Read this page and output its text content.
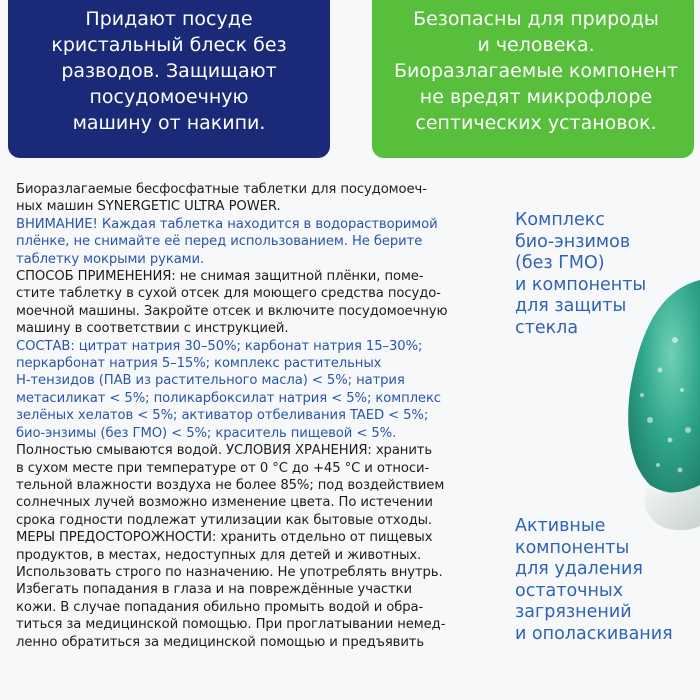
Придают посуде
кристальный блеск без
разводов. Защищают
посудомоечную
машину от накипи.
Безопасны для природы
и человека.
Биоразлагаемые компонент
не вредят микрофлоре
септических установок.
Биоразлагаемые бесфосфатные таблетки для посудомоеч-
ных машин SYNERGETIC ULTRA POWER.
ВНИМАНИЕ! Каждая таблетка находится в водорастворимой
плёнке, не снимайте её перед использованием. Не берите
таблетку мокрыми руками.
СПОСОБ ПРИМЕНЕНИЯ: не снимая защитной плёнки, поме-
стите таблетку в сухой отсек для моющего средства посудо-
моечной машины. Закройте отсек и включите посудомоечную
машину в соответствии с инструкцией.
СОСТАВ: цитрат натрия 30–50%; карбонат натрия 15–30%;
перкарбонат натрия 5–15%; комплекс растительных
Н-тензидов (ПАВ из растительного масла) < 5%; натрия
метасиликат < 5%; поликарбоксилат натрия < 5%; комплекс
зелёных хелатов < 5%; активатор отбеливания TAED < 5%;
био-энзимы (без ГМО) < 5%; краситель пищевой < 5%.
Полностью смываются водой. УСЛОВИЯ ХРАНЕНИЯ: хранить
в сухом месте при температуре от 0 °С до +45 °С и относи-
тельной влажности воздуха не более 85%; под воздействием
солнечных лучей возможно изменение цвета. По истечении
срока годности подлежат утилизации как бытовые отходы.
МЕРЫ ПРЕДОСТОРОЖНОСТИ: хранить отдельно от пищевых
продуктов, в местах, недоступных для детей и животных.
Использовать строго по назначению. Не употреблять внутрь.
Избегать попадания в глаза и на повреждённые участки
кожи. В случае попадания обильно промыть водой и обра-
титься за медицинской помощью. При проглатывании немед-
ленно обратиться за медицинской помощью и предъявить
Комплекс
био-энзимов
(без ГМО)
и компоненты
для защиты
стекла
Активные
компоненты
для удаления
остаточных
загрязнений
и ополаскивания
